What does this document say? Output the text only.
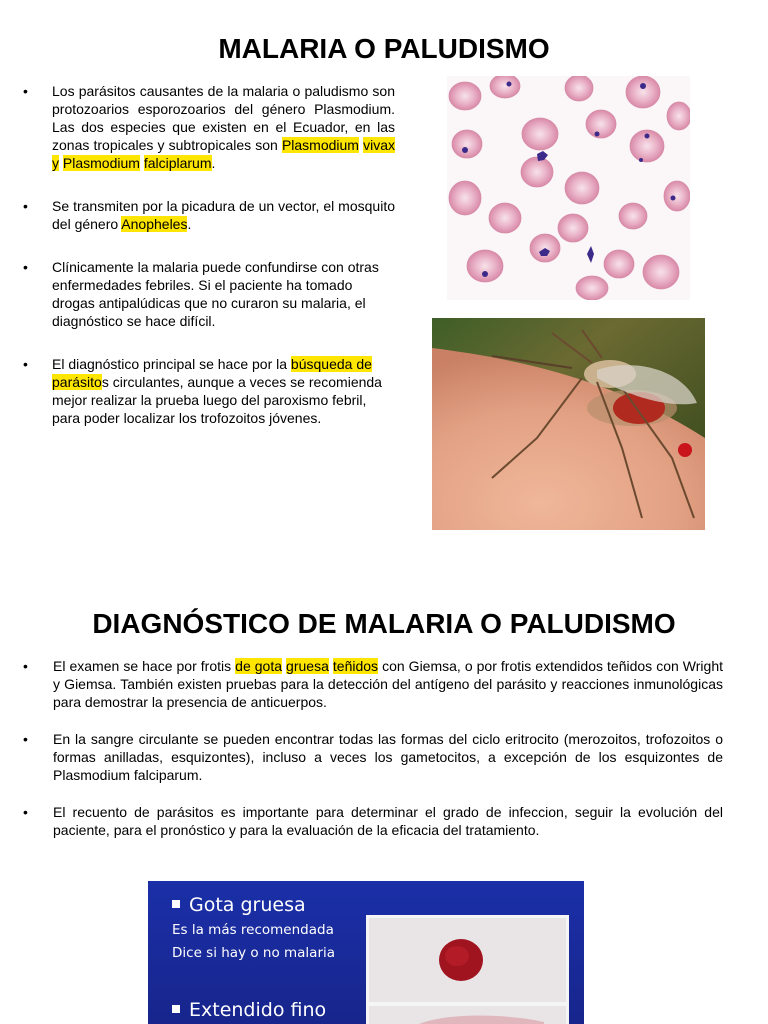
MALARIA O PALUDISMO
• Los parásitos causantes de la malaria o paludismo son protozoarios esporozoarios del género Plasmodium. Las dos especies que existen en el Ecuador, en las zonas tropicales y subtropicales son Plasmodium vivax y Plasmodium falciplarum.
• Se transmiten por la picadura de un vector, el mosquito del género Anopheles.
• Clínicamente la malaria puede confundirse con otras enfermedades febriles. Si el paciente ha tomado drogas antipalúdicas que no curaron su malaria, el diagnóstico se hace difícil.
• El diagnóstico principal se hace por la búsqueda de parásitos circulantes, aunque a veces se recomienda mejor realizar la prueba luego del paroxismo febril, para poder localizar los trofozoitos jóvenes.
DIAGNÓSTICO DE MALARIA O PALUDISMO
• El examen se hace por frotis de gota gruesa teñidos con Giemsa, o por frotis extendidos teñidos con Wright y Giemsa. También existen pruebas para la detección del antígeno del parásito y reacciones inmunológicas para demostrar la presencia de anticuerpos.
• En la sangre circulante se pueden encontrar todas las formas del ciclo eritrocito (merozoitos, trofozoitos o formas anilladas, esquizontes), incluso a veces los gametocitos, a excepción de los esquizontes de Plasmodium falciparum.
• El recuento de parásitos es importante para determinar el grado de infeccion, seguir la evolución del paciente, para el pronóstico y para la evaluación de la eficacia del tratamiento.
Gota gruesa
Es la más recomendada
Dice si hay o no malaria
Extendido fino
